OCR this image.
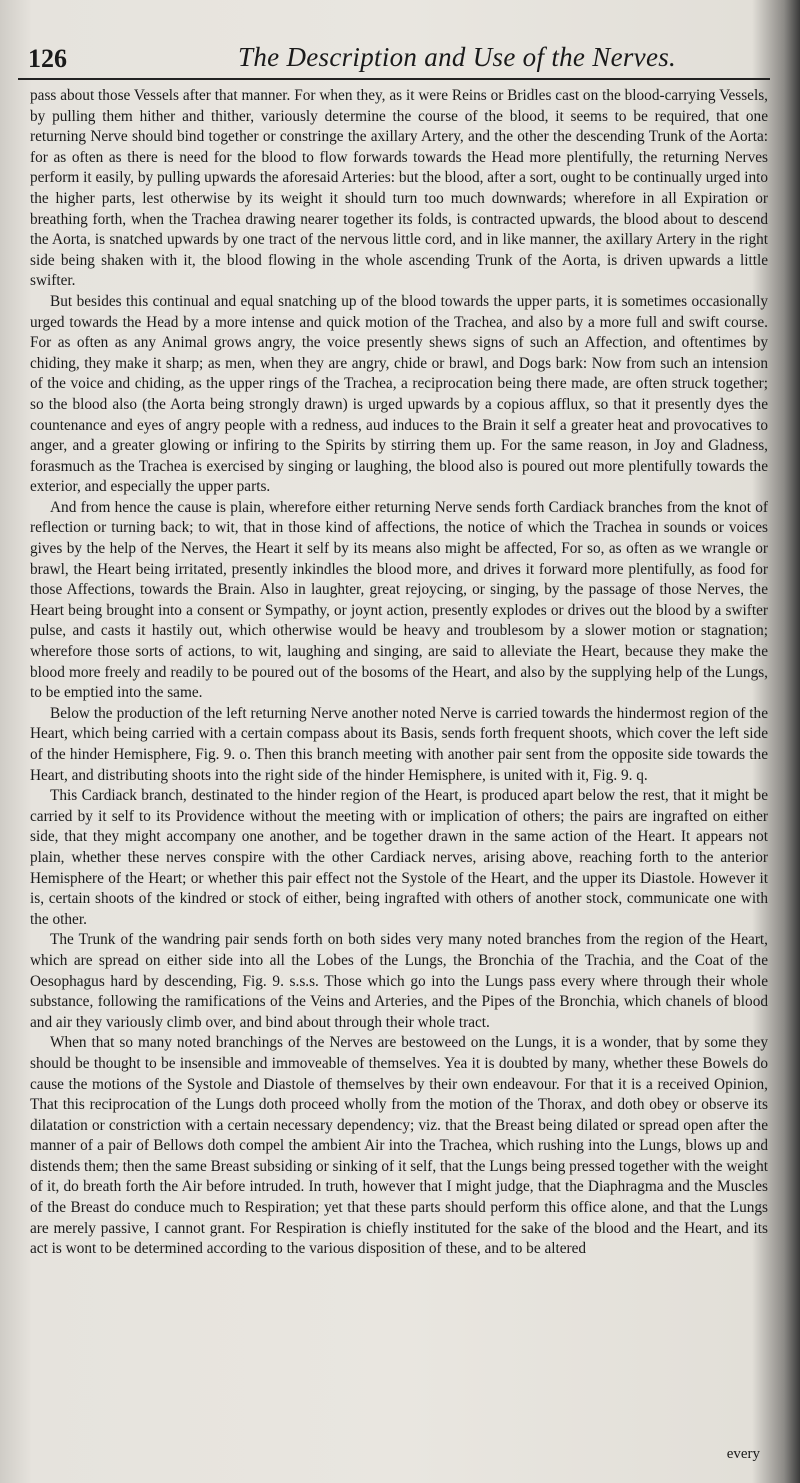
126	The Description and Use of the Nerves.

pass about those Vessels after that manner. For when they, as it were Reins or Bridles cast on the blood-carrying Vessels, by pulling them hither and thither, variously determine the course of the blood, it seems to be required, that one returning Nerve should bind together or constringe the axillary Artery, and the other the descending Trunk of the Aorta: for as often as there is need for the blood to flow forwards towards the Head more plentifully, the returning Nerves perform it easily, by pulling upwards the aforesaid Arteries: but the blood, after a sort, ought to be continually urged into the higher parts, lest otherwise by its weight it should turn too much downwards; wherefore in all Expiration or breathing forth, when the Trachea drawing nearer together its folds, is contracted upwards, the blood about to descend the Aorta, is snatched upwards by one tract of the nervous little cord, and in like manner, the axillary Artery in the right side being shaken with it, the blood flowing in the whole ascending Trunk of the Aorta, is driven upwards a little swifter.

But besides this continual and equal snatching up of the blood towards the upper parts, it is sometimes occasionally urged towards the Head by a more intense and quick motion of the Trachea, and also by a more full and swift course. For as often as any Animal grows angry, the voice presently shews signs of such an Affection, and oftentimes by chiding, they make it sharp; as men, when they are angry, chide or brawl, and Dogs bark: Now from such an intension of the voice and chiding, as the upper rings of the Trachea, a reciprocation being there made, are often struck together; so the blood also (the Aorta being strongly drawn) is urged upwards by a copious afflux, so that it presently dyes the countenance and eyes of angry people with a redness, aud induces to the Brain it self a greater heat and provocatives to anger, and a greater glowing or infiring to the Spirits by stirring them up. For the same reason, in Joy and Gladness, forasmuch as the Trachea is exercised by singing or laughing, the blood also is poured out more plentifully towards the exterior, and especially the upper parts.

And from hence the cause is plain, wherefore either returning Nerve sends forth Cardiack branches from the knot of reflection or turning back; to wit, that in those kind of affections, the notice of which the Trachea in sounds or voices gives by the help of the Nerves, the Heart it self by its means also might be affected, For so, as often as we wrangle or brawl, the Heart being irritated, presently inkindles the blood more, and drives it forward more plentifully, as food for those Affections, towards the Brain. Also in laughter, great rejoycing, or singing, by the passage of those Nerves, the Heart being brought into a consent or Sympathy, or joynt action, presently explodes or drives out the blood by a swifter pulse, and casts it hastily out, which otherwise would be heavy and troublesom by a slower motion or stagnation; wherefore those sorts of actions, to wit, laughing and singing, are said to alleviate the Heart, because they make the blood more freely and readily to be poured out of the bosoms of the Heart, and also by the supplying help of the Lungs, to be emptied into the same.

Below the production of the left returning Nerve another noted Nerve is carried towards the hindermost region of the Heart, which being carried with a certain compass about its Basis, sends forth frequent shoots, which cover the left side of the hinder Hemisphere, Fig. 9. o. Then this branch meeting with another pair sent from the opposite side towards the Heart, and distributing shoots into the right side of the hinder Hemisphere, is united with it, Fig. 9. q.

This Cardiack branch, destinated to the hinder region of the Heart, is produced apart below the rest, that it might be carried by it self to its Providence without the meeting with or implication of others; the pairs are ingrafted on either side, that they might accompany one another, and be together drawn in the same action of the Heart. It appears not plain, whether these nerves conspire with the other Cardiack nerves, arising above, reaching forth to the anterior Hemisphere of the Heart; or whether this pair effect not the Systole of the Heart, and the upper its Diastole. However it is, certain shoots of the kindred or stock of either, being ingrafted with others of another stock, communicate one with the other.

The Trunk of the wandring pair sends forth on both sides very many noted branches from the region of the Heart, which are spread on either side into all the Lobes of the Lungs, the Bronchia of the Trachia, and the Coat of the Oesophagus hard by descending, Fig. 9. s.s.s. Those which go into the Lungs pass every where through their whole substance, following the ramifications of the Veins and Arteries, and the Pipes of the Bronchia, which chanels of blood and air they variously climb over, and bind about through their whole tract.

When that so many noted branchings of the Nerves are bestoweed on the Lungs, it is a wonder, that by some they should be thought to be insensible and immoveable of themselves. Yea it is doubted by many, whether these Bowels do cause the motions of the Systole and Diastole of themselves by their own endeavour. For that it is a received Opinion, That this reciprocation of the Lungs doth proceed wholly from the motion of the Thorax, and doth obey or observe its dilatation or constriction with a certain necessary dependency; viz. that the Breast being dilated or spread open after the manner of a pair of Bellows doth compel the ambient Air into the Trachea, which rushing into the Lungs, blows up and distends them; then the same Breast subsiding or sinking of it self, that the Lungs being pressed together with the weight of it, do breath forth the Air before intruded. In truth, however that I might judge, that the Diaphragma and the Muscles of the Breast do conduce much to Respiration; yet that these parts should perform this office alone, and that the Lungs are merely passive, I cannot grant. For Respiration is chiefly instituted for the sake of the blood and the Heart, and its act is wont to be determined according to the various disposition of these, and to be altered

every
